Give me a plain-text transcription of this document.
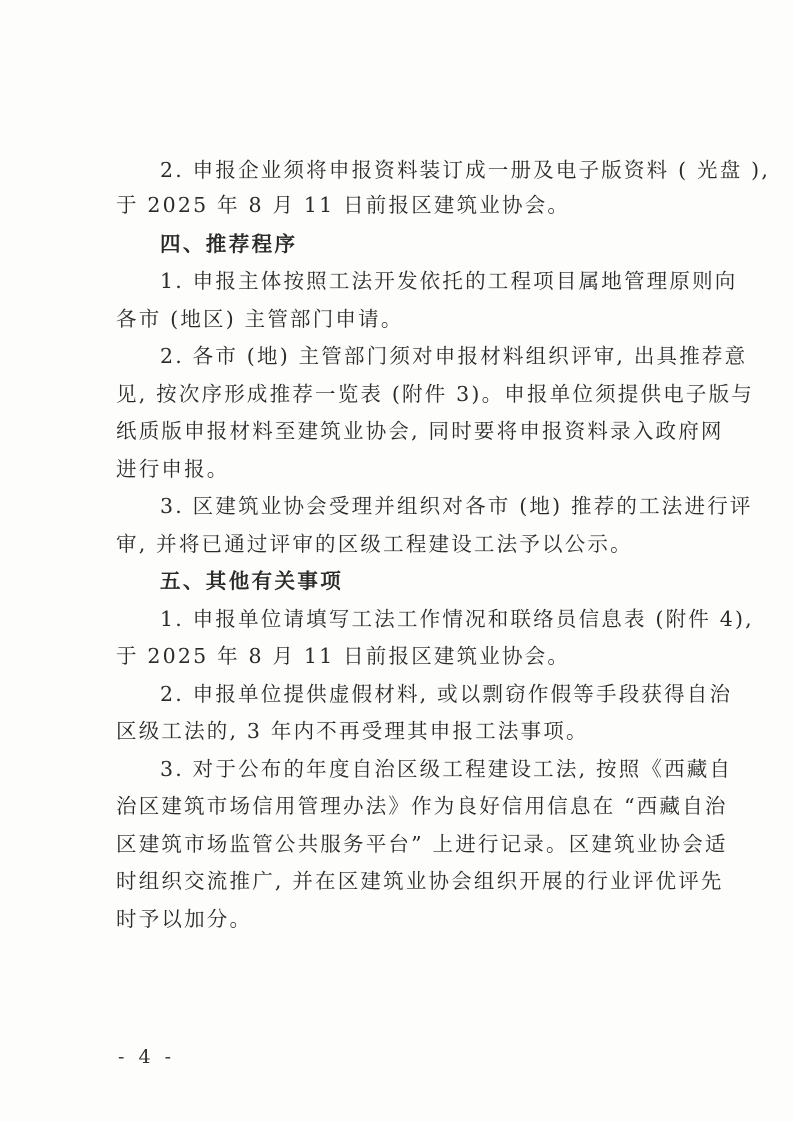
2. 申报企业须将申报资料装订成一册及电子版资料 ( 光盘 ),
于 2025 年 8 月 11 日前报区建筑业协会。
四、推荐程序
1. 申报主体按照工法开发依托的工程项目属地管理原则向
各市 (地区) 主管部门申请。
2. 各市 (地) 主管部门须对申报材料组织评审, 出具推荐意
见, 按次序形成推荐一览表 (附件 3)。申报单位须提供电子版与
纸质版申报材料至建筑业协会, 同时要将申报资料录入政府网
进行申报。
3. 区建筑业协会受理并组织对各市 (地) 推荐的工法进行评
审, 并将已通过评审的区级工程建设工法予以公示。
五、其他有关事项
1. 申报单位请填写工法工作情况和联络员信息表 (附件 4),
于 2025 年 8 月 11 日前报区建筑业协会。
2. 申报单位提供虚假材料, 或以剽窃作假等手段获得自治
区级工法的, 3 年内不再受理其申报工法事项。
3. 对于公布的年度自治区级工程建设工法, 按照《西藏自
治区建筑市场信用管理办法》作为良好信用信息在 “西藏自治
区建筑市场监管公共服务平台” 上进行记录。区建筑业协会适
时组织交流推广, 并在区建筑业协会组织开展的行业评优评先
时予以加分。
- 4 -
